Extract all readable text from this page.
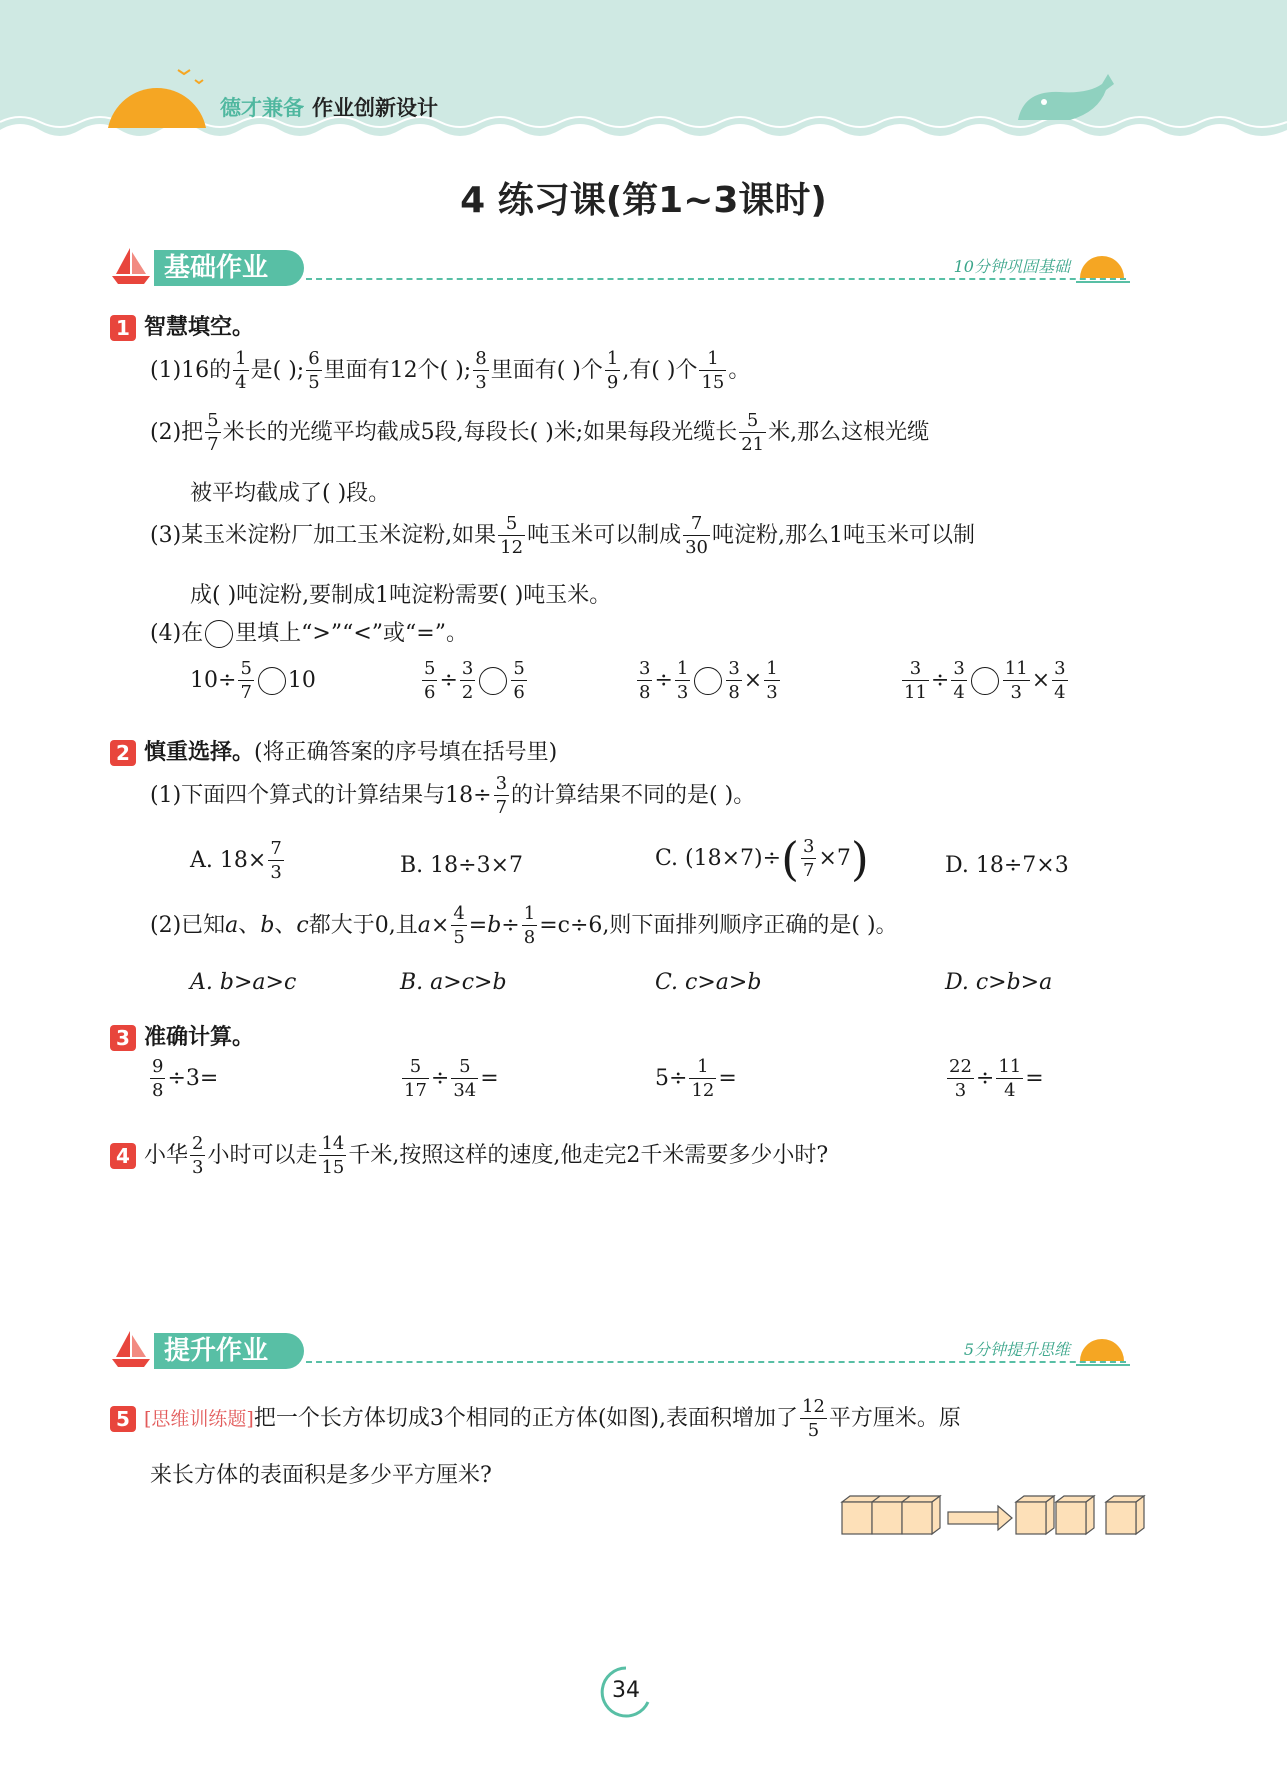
德才兼备 作业创新设计
4 练习课(第1~3课时)
基础作业	10分钟巩固基础
1 智慧填空。
(1)16的 $\frac{1}{4}$ 是( ); $\frac{6}{5}$ 里面有12个( ); $\frac{8}{3}$ 里面有( )个 $\frac{1}{9}$ ,有( )个 $\frac{1}{15}$ 。
(2)把 $\frac{5}{7}$ 米长的光缆平均截成5段,每段长( )米;如果每段光缆长 $\frac{5}{21}$ 米,那么这根光缆
被平均截成了( )段。
(3)某玉米淀粉厂加工玉米淀粉,如果 $\frac{5}{12}$ 吨玉米可以制成 $\frac{7}{30}$ 吨淀粉,那么1吨玉米可以制
成( )吨淀粉,要制成1吨淀粉需要( )吨玉米。
(4)在 里填上“>”“<”或“=”。
$10\div \frac{5}{7} 10$	$\frac{5}{6} \div \frac{3}{2} \frac{5}{6}$	$\frac{3}{8} \div \frac{1}{3} \frac{3}{8} \times \frac{1}{3}$	$\frac{3}{11} \div \frac{3}{4} \frac{11}{3} \times \frac{3}{4}$
2 慎重选择。(将正确答案的序号填在括号里)
(1)下面四个算式的计算结果与$18\div \frac{3}{7}$ 的计算结果不同的是( )。
A. $18\times \frac{7}{3}$	B. 18÷3×7	C. $(18\times 7)\div( \frac{3}{7} \times 7)$	D. 18÷7×3
(2)已知a、b、c都大于0,且$a\times \frac{4}{5} =b\div \frac{1}{8} =c\div 6$,则下面排列顺序正确的是( )。
A. b>a>c	B. a>c>b	C. c>a>b	D. c>b>a
3 准确计算。
$\frac{9}{8} \div 3=$	$\frac{5}{17} \div \frac{5}{34}$ =	$5\div \frac{1}{12}$ =	$\frac{22}{3} \div \frac{11}{4}$ =
4 小华 $\frac{2}{3}$ 小时可以走 $\frac{14}{15}$ 千米,按照这样的速度,他走完2千米需要多少小时?
提升作业	5分钟提升思维
5 [思维训练题]把一个长方体切成3个相同的正方体(如图),表面积增加了 $\frac{12}{5}$ 平方厘米。原
来长方体的表面积是多少平方厘米?
34
